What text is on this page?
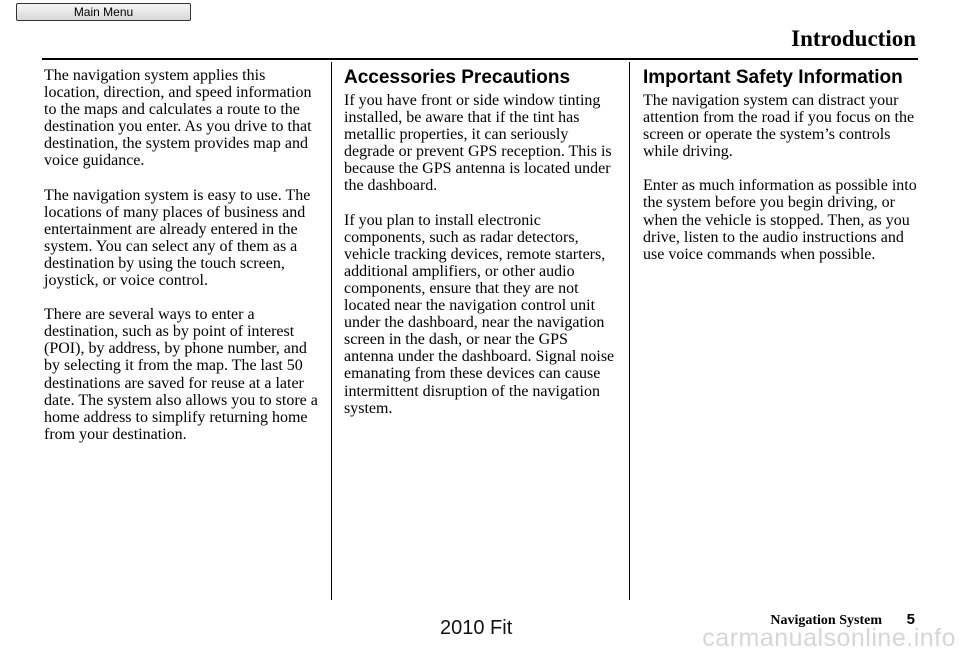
Main Menu
Introduction

The navigation system applies this location, direction, and speed information to the maps and calculates a route to the destination you enter. As you drive to that destination, the system provides map and voice guidance.

The navigation system is easy to use. The locations of many places of business and entertainment are already entered in the system. You can select any of them as a destination by using the touch screen, joystick, or voice control.

There are several ways to enter a destination, such as by point of interest (POI), by address, by phone number, and by selecting it from the map. The last 50 destinations are saved for reuse at a later date. The system also allows you to store a home address to simplify returning home from your destination.

Accessories Precautions

If you have front or side window tinting installed, be aware that if the tint has metallic properties, it can seriously degrade or prevent GPS reception. This is because the GPS antenna is located under the dashboard.

If you plan to install electronic components, such as radar detectors, vehicle tracking devices, remote starters, additional amplifiers, or other audio components, ensure that they are not located near the navigation control unit under the dashboard, near the navigation screen in the dash, or near the GPS antenna under the dashboard. Signal noise emanating from these devices can cause intermittent disruption of the navigation system.

Important Safety Information

The navigation system can distract your attention from the road if you focus on the screen or operate the system’s controls while driving.

Enter as much information as possible into the system before you begin driving, or when the vehicle is stopped. Then, as you drive, listen to the audio instructions and use voice commands when possible.

2010 Fit	Navigation System 5
carmanualsonline.info
